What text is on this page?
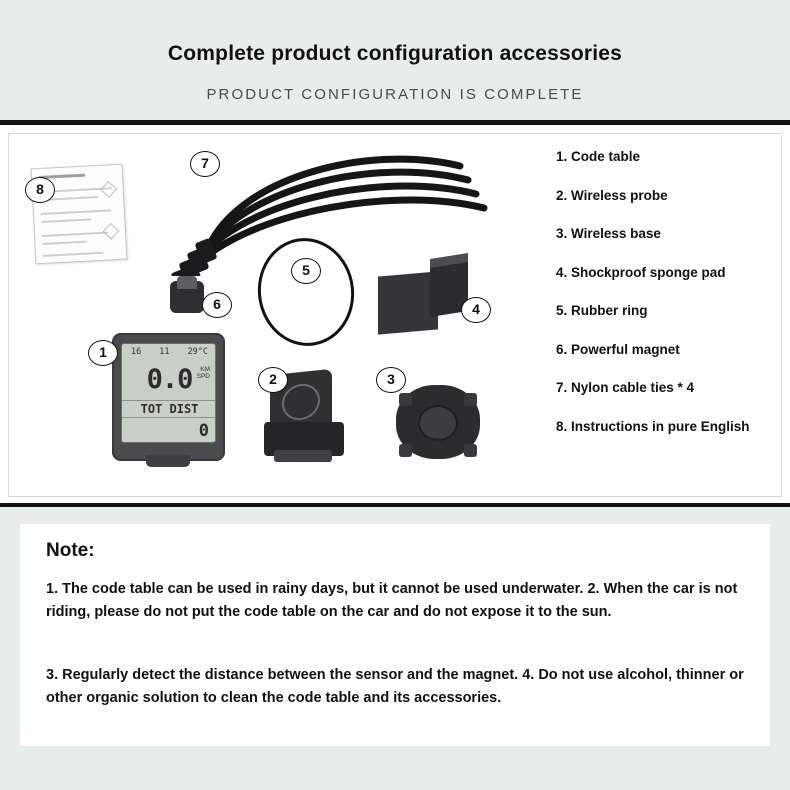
Complete product configuration accessories
PRODUCT CONFIGURATION IS COMPLETE
16 11 29°C
0.0	KM
SPD
TOT DIST
0
1
2	3
4
5
6
7
8
1. Code table
2. Wireless probe
3. Wireless base
4. Shockproof sponge pad
5. Rubber ring
6. Powerful magnet
7. Nylon cable ties * 4
8. Instructions in pure English
Note:
1. The code table can be used in rainy days, but it cannot be used underwater. 2. When the car is not riding, please do not put the code table on the car and do not expose it to the sun.
3. Regularly detect the distance between the sensor and the magnet. 4. Do not use alcohol, thinner or other organic solution to clean the code table and its accessories.
